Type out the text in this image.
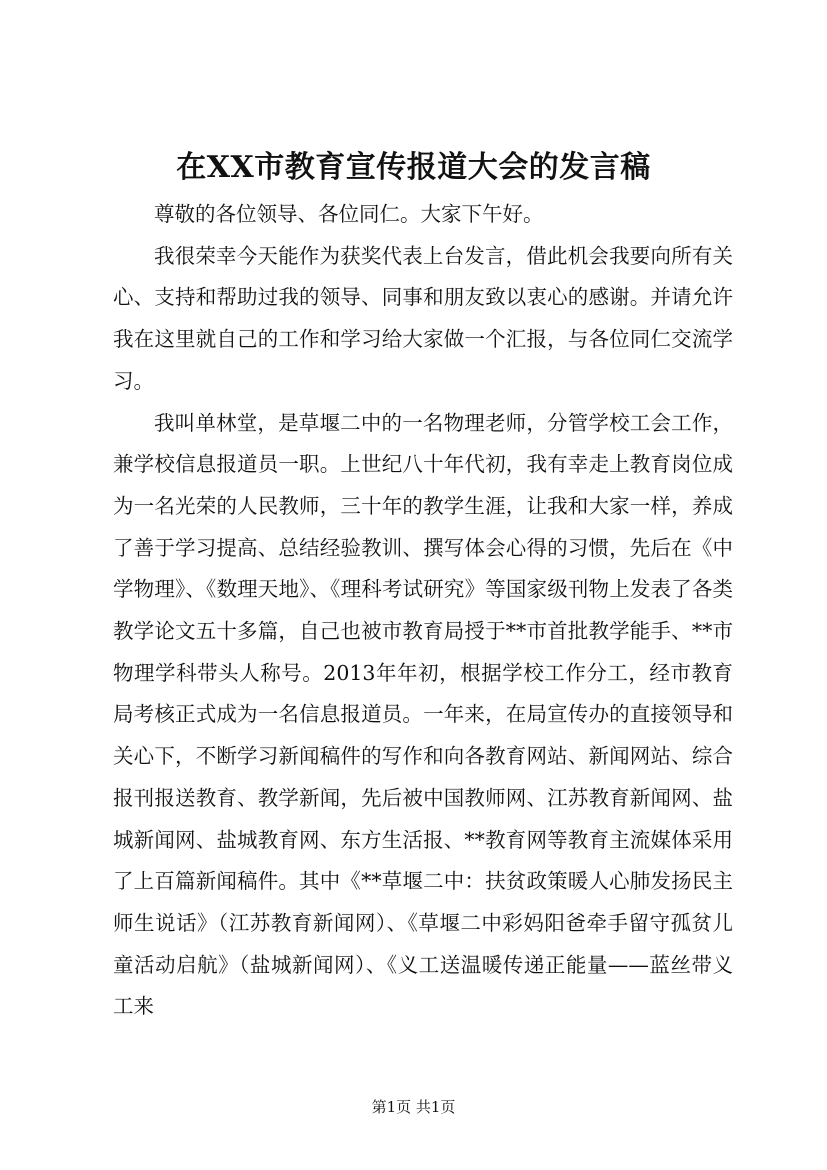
在XX市教育宣传报道大会的发言稿

尊敬的各位领导、各位同仁。大家下午好。

我很荣幸今天能作为获奖代表上台发言，借此机会我要向所有关心、支持和帮助过我的领导、同事和朋友致以衷心的感谢。并请允许我在这里就自己的工作和学习给大家做一个汇报，与各位同仁交流学习。

我叫单林堂，是草堰二中的一名物理老师，分管学校工会工作，兼学校信息报道员一职。上世纪八十年代初，我有幸走上教育岗位成为一名光荣的人民教师，三十年的教学生涯，让我和大家一样，养成了善于学习提高、总结经验教训、撰写体会心得的习惯，先后在《中学物理》、《数理天地》、《理科考试研究》等国家级刊物上发表了各类教学论文五十多篇，自己也被市教育局授于**市首批教学能手、**市物理学科带头人称号。2013年年初，根据学校工作分工，经市教育局考核正式成为一名信息报道员。一年来，在局宣传办的直接领导和关心下，不断学习新闻稿件的写作和向各教育网站、新闻网站、综合报刊报送教育、教学新闻，先后被中国教师网、江苏教育新闻网、盐城新闻网、盐城教育网、东方生活报、**教育网等教育主流媒体采用了上百篇新闻稿件。其中《**草堰二中：扶贫政策暖人心肺发扬民主师生说话》（江苏教育新闻网）、《草堰二中彩妈阳爸牵手留守孤贫儿童活动启航》（盐城新闻网）、《义工送温暖传递正能量——蓝丝带义工来

第1页 共1页
